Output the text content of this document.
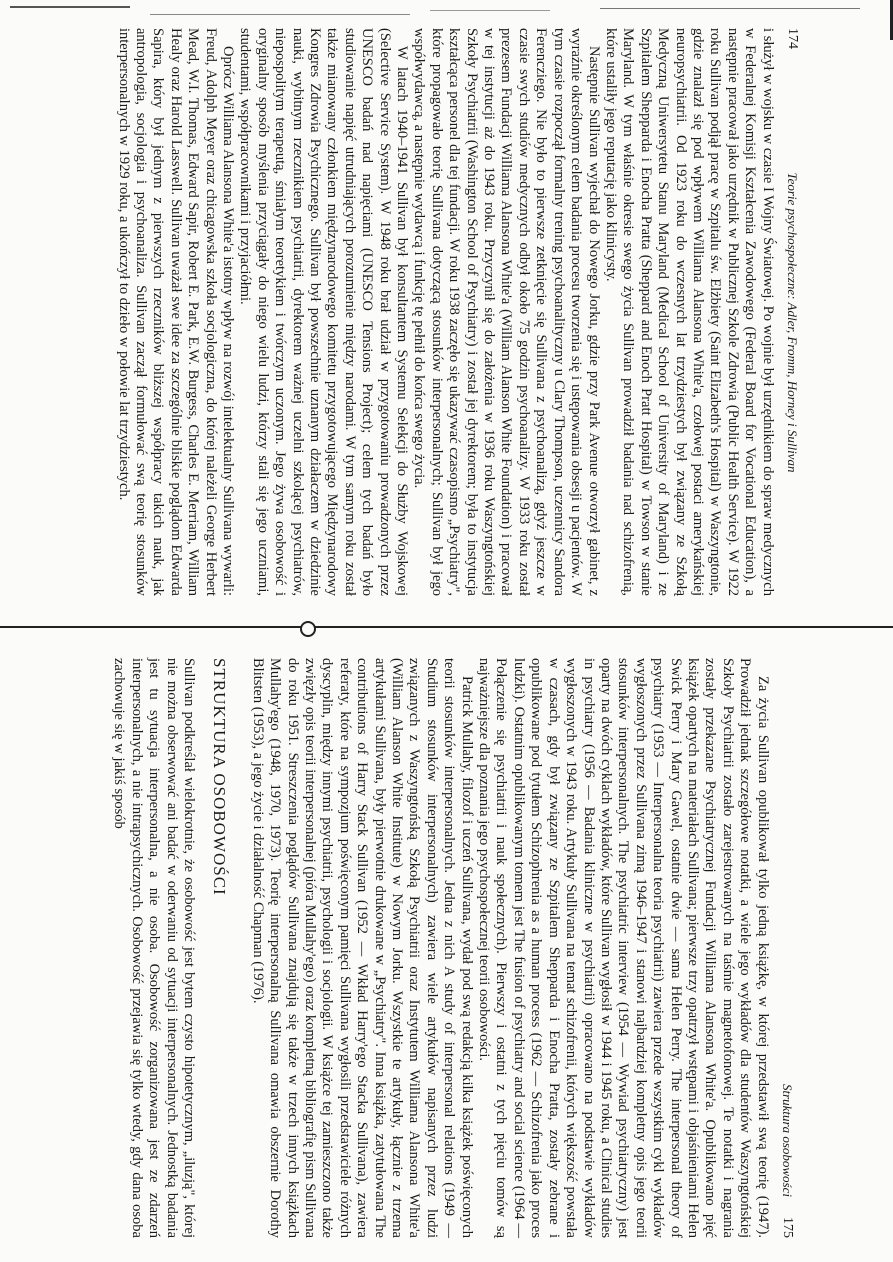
174
Teorie psychospołeczne: Adler, Fromm, Horney i Sullivan

i służył w wojsku w czasie I Wojny Światowej. Po wojnie był urzędnikiem do spraw medycznych w Federalnej Komisji Kształcenia Zawodowego (Federal Board for Vocational Education), a następnie pracował jako urzędnik w Publicznej Szkole Zdrowia (Public Health Service). W 1922 roku Sullivan podjął pracę w Szpitalu św. Elżbiety (Saint Elizabeth's Hospital) w Waszyngtonie, gdzie znalazł się pod wpływem Williama Alansona White'a, czołowej postaci amerykańskiej neuropsychiatrii. Od 1923 roku do wczesnych lat trzydziestych był związany ze Szkołą Medyczną Uniwersytetu Stanu Maryland (Medical School of University of Maryland) i ze Szpitalem Shepparda i Enocha Pratta (Sheppard and Enoch Pratt Hospital) w Towson w stanie Maryland. W tym właśnie okresie swego życia Sullivan prowadził badania nad schizofrenią, które ustaliły jego reputację jako klinicysty.

Następnie Sullivan wyjechał do Nowego Jorku, gdzie przy Park Avenue otworzył gabinet, z wyraźnie określonym celem badania procesu tworzenia się i ustępowania obsesji u pacjentów. W tym czasie rozpoczął formalny trening psychoanalityczny u Clary Thompson, uczennicy Sandora Ferencziego. Nie było to pierwsze zetknięcie się Sullivana z psychoanalizą, gdyż jeszcze w czasie swych studiów medycznych odbył około 75 godzin psychoanalizy. W 1933 roku został prezesem Fundacji Williama Alansona White'a (William Alanson White Foundation) i pracował w tej instytucji aż do 1943 roku. Przyczynił się do założenia w 1936 roku Waszyngtońskiej Szkoły Psychiatrii (Washington School of Psychiatry) i został jej dyrektorem; była to instytucja kształcąca personel dla tej fundacji. W roku 1938 zaczęło się ukazywać czasopismo „Psychiatry", które propagowało teorię Sullivana dotyczącą stosunków interpersonalnych; Sullivan był jego współwydawcą, a następnie wydawcą i funkcję tę pełnił do końca swego życia.

W latach 1940–1941 Sullivan był konsultantem Systemu Selekcji do Służby Wojskowej (Selective Service System). W 1948 roku brał udział w przygotowaniu prowadzonych przez UNESCO badań nad napięciami (UNESCO Tensions Project); celem tych badań było studiowanie napięć utrudniających porozumienie między narodami. W tym samym roku został także mianowany członkiem międzynarodowego komitetu przygotowującego Międzynarodowy Kongres Zdrowia Psychicznego. Sullivan był powszechnie uznanym działaczem w dziedzinie nauki, wybitnym rzecznikiem psychiatrii, dyrektorem ważnej uczelni szkolącej psychiatrów, niepospolitym terapeutą, śmiałym teoretykiem i twórczym uczonym. Jego żywa osobowość i oryginalny sposób myślenia przyciągały do niego wielu ludzi, którzy stali się jego uczniami, studentami, współpracownikami i przyjaciółmi.

Oprócz Williama Alansona White'a istotny wpływ na rozwój intelektualny Sullivana wywarli: Freud, Adolph Meyer oraz chicagowska szkoła socjologiczna, do której należeli George Herbert Mead, W.I. Thomas, Edward Sapir, Robert E. Park, E.W. Burgess, Charles E. Merriam, William Healy oraz Harold Lasswell. Sullivan uważał swe idee za szczególnie bliskie poglądom Edwarda Sapira, który był jednym z pierwszych rzeczników bliższej współpracy takich nauk, jak antropologia, socjologia i psychoanaliza. Sullivan zaczął formułować swą teorię stosunków interpersonalnych w 1929 roku, a ukończył to dzieło w połowie lat trzydziestych.

Struktura osobowości
175

Za życia Sullivan opublikował tylko jedną książkę, w której przedstawił swą teorię (1947). Prowadził jednak szczegółowe notatki, a wiele jego wykładów dla studentów Waszyngtońskiej Szkoły Psychiatrii zostało zarejestrowanych na taśmie magnetofonowej. Te notatki i nagrania zostały przekazane Psychiatrycznej Fundacji Williama Alansona White'a. Opublikowano pięć książek opartych na materiałach Sullivana; pierwsze trzy opatrzył wstępami i objaśnieniami Helen Swick Perry i Mary Gawel, ostatnie dwie — sama Helen Perry. The interpersonal theory of psychiatry (1953 — Interpersonalna teoria psychiatrii) zawiera przede wszystkim cykl wykładów wygłoszonych przez Sullivana zimą 1946–1947 i stanowi najbardziej kompletny opis jego teorii stosunków interpersonalnych. The psychiatric interview (1954 — Wywiad psychiatryczny) jest oparty na dwóch cyklach wykładów, które Sullivan wygłosił w 1944 i 1945 roku, a Clinical studies in psychiatry (1956 — Badania kliniczne w psychiatrii) opracowano na podstawie wykładów wygłoszonych w 1943 roku. Artykuły Sullivana na temat schizofrenii, których większość powstała w czasach, gdy był związany ze Szpitalem Shepparda i Enocha Pratta, zostały zebrane i opublikowane pod tytułem Schizophrenia as a human process (1962 — Schizofrenia jako proces ludzki). Ostatnim opublikowanym tomem jest The fusion of psychiatry and social science (1964 — Połączenie się psychiatrii i nauk społecznych). Pierwszy i ostatni z tych pięciu tomów są najważniejsze dla poznania jego psychospołecznej teorii osobowości.

Patrick Mullahy, filozof i uczeń Sullivana, wydał pod swą redakcją kilka książek poświęconych teorii stosunków interpersonalnych. Jedna z nich A study of interpersonal relations (1949 — Studium stosunków interpersonalnych) zawiera wiele artykułów napisanych przez ludzi związanych z Waszyngtońską Szkołą Psychiatrii oraz Instytutem Williama Alansona White'a (William Alanson White Institute) w Nowym Jorku. Wszystkie te artykuły, łącznie z trzema artykułami Sullivana, były pierwotnie drukowane w „Psychiatry". Inna książka, zatytułowana The contributions of Harry Stack Sullivan (1952 — Wkład Harry'ego Stacka Sullivana), zawiera referaty, które na sympozjum poświęconym pamięci Sullivana wygłosili przedstawiciele różnych dyscyplin, między innymi psychiatrii, psychologii i socjologii. W książce tej zamieszczono także zwięzły opis teorii interpersonalnej (pióra Mullahy'ego) oraz kompletną bibliografię pism Sullivana do roku 1951. Streszczenia poglądów Sullivana znajdują się także w trzech innych książkach Mullahy'ego (1948, 1970, 1973). Teorię interpersonalną Sullivana omawia obszernie Dorothy Blitsten (1953), a jego życie i działalność Chapman (1976).

STRUKTURA OSOBOWOŚCI

Sullivan podkreślał wielokrotnie, że osobowość jest bytem czysto hipotetycznym, „iluzją", której nie można obserwować ani badać w oderwaniu od sytuacji interpersonalnych. Jednostką badania jest tu sytuacja interpersonalna, a nie osoba. Osobowość zorganizowana jest ze zdarzeń interpersonalnych, a nie intrapsychicznych. Osobowość przejawia się tylko wtedy, gdy dana osoba zachowuje się w jakiś sposób
